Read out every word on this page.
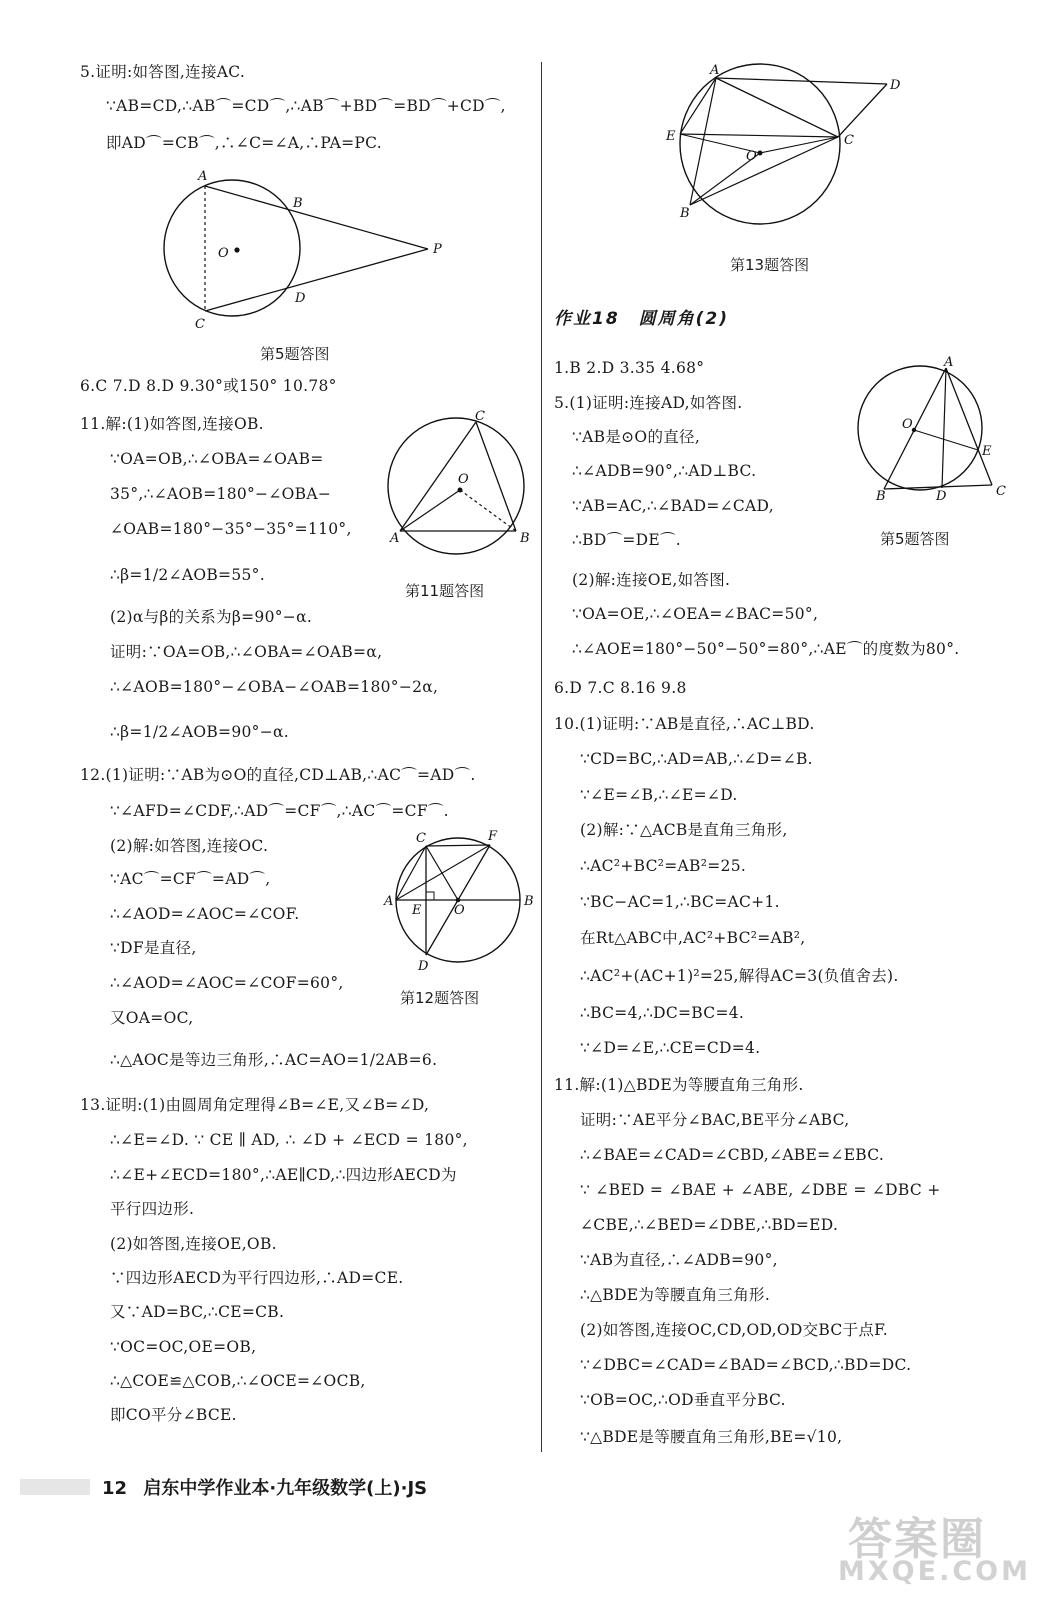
5.证明:如答图,连接AC.
∵AB=CD,∴AB⌒=CD⌒,∴AB⌒+BD⌒=BD⌒+CD⌒,
即AD⌒=CB⌒,∴∠C=∠A,∴PA=PC.
A
B
C
D
O	P
第5题答图
6.C 7.D 8.D 9.30°或150° 10.78°
11.解:(1)如答图,连接OB.
∵OA=OB,∴∠OBA=∠OAB=
35°,∴∠AOB=180°−∠OBA−
∠OAB=180°−35°−35°=110°,
∴β=1/2∠AOB=55°.
A	B
C
O
第11题答图
(2)α与β的关系为β=90°−α.
证明:∵OA=OB,∴∠OBA=∠OAB=α,
∴∠AOB=180°−∠OBA−∠OAB=180°−2α,
∴β=1/2∠AOB=90°−α.
12.(1)证明:∵AB为⊙O的直径,CD⊥AB,∴AC⌒=AD⌒.
∵∠AFD=∠CDF,∴AD⌒=CF⌒,∴AC⌒=CF⌒.
(2)解:如答图,连接OC.
∵AC⌒=CF⌒=AD⌒,
∴∠AOD=∠AOC=∠COF.
∵DF是直径,
∴∠AOD=∠AOC=∠COF=60°,
又OA=OC,
A	B
C
D
E
F
O
第12题答图
∴△AOC是等边三角形,∴AC=AO=1/2AB=6.
13.证明:(1)由圆周角定理得∠B=∠E,又∠B=∠D,
∴∠E=∠D. ∵ CE ∥ AD, ∴ ∠D + ∠ECD = 180°,
∴∠E+∠ECD=180°,∴AE∥CD,∴四边形AECD为
平行四边形.
(2)如答图,连接OE,OB.
∵四边形AECD为平行四边形,∴AD=CE.
又∵AD=BC,∴CE=CB.
∵OC=OC,OE=OB,
∴△COE≌△COB,∴∠OCE=∠OCB,
即CO平分∠BCE.
A
B
C
D
E
O
第13题答图
作业18　圆周角(2)
1.B 2.D 3.35 4.68°
5.(1)证明:连接AD,如答图.
∵AB是⊙O的直径,
∴∠ADB=90°,∴AD⊥BC.
∵AB=AC,∴∠BAD=∠CAD,
∴BD⌒=DE⌒.
A
B	C
D
E
O
第5题答图
(2)解:连接OE,如答图.
∵OA=OE,∴∠OEA=∠BAC=50°,
∴∠AOE=180°−50°−50°=80°,∴AE⌒的度数为80°.
6.D 7.C 8.16 9.8
10.(1)证明:∵AB是直径,∴AC⊥BD.
∵CD=BC,∴AD=AB,∴∠D=∠B.
∵∠E=∠B,∴∠E=∠D.
(2)解:∵△ACB是直角三角形,
∴AC²+BC²=AB²=25.
∵BC−AC=1,∴BC=AC+1.
在Rt△ABC中,AC²+BC²=AB²,
∴AC²+(AC+1)²=25,解得AC=3(负值舍去).
∴BC=4,∴DC=BC=4.
∵∠D=∠E,∴CE=CD=4.
11.解:(1)△BDE为等腰直角三角形.
证明:∵AE平分∠BAC,BE平分∠ABC,
∴∠BAE=∠CAD=∠CBD,∠ABE=∠EBC.
∵ ∠BED = ∠BAE + ∠ABE, ∠DBE = ∠DBC +
∠CBE,∴∠BED=∠DBE,∴BD=ED.
∵AB为直径,∴∠ADB=90°,
∴△BDE为等腰直角三角形.
(2)如答图,连接OC,CD,OD,OD交BC于点F.
∵∠DBC=∠CAD=∠BAD=∠BCD,∴BD=DC.
∵OB=OC,∴OD垂直平分BC.
∵△BDE是等腰直角三角形,BE=√10,
12 启东中学作业本·九年级数学(上)·JS
答案圈
MXQE.COM
